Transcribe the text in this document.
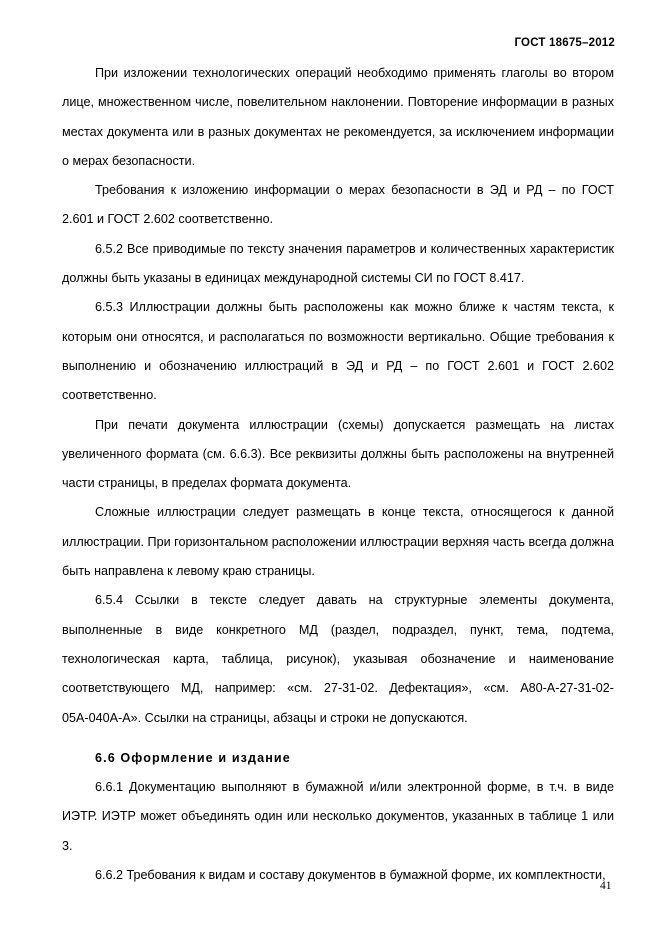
ГОСТ 18675–2012

При изложении технологических операций необходимо применять глаголы во втором лице, множественном числе, повелительном наклонении. Повторение информации в разных местах документа или в разных документах не рекомендуется, за исключением информации о мерах безопасности.

Требования к изложению информации о мерах безопасности в ЭД и РД – по ГОСТ 2.601 и ГОСТ 2.602 соответственно.

6.5.2 Все приводимые по тексту значения параметров и количественных характеристик должны быть указаны в единицах международной системы СИ по ГОСТ 8.417.

6.5.3 Иллюстрации должны быть расположены как можно ближе к частям текста, к которым они относятся, и располагаться по возможности вертикально. Общие требования к выполнению и обозначению иллюстраций в ЭД и РД – по ГОСТ 2.601 и ГОСТ 2.602 соответственно.

При печати документа иллюстрации (схемы) допускается размещать на листах увеличенного формата (см. 6.6.3). Все реквизиты должны быть расположены на внутренней части страницы, в пределах формата документа.

Сложные иллюстрации следует размещать в конце текста, относящегося к данной иллюстрации. При горизонтальном расположении иллюстрации верхняя часть всегда должна быть направлена к левому краю страницы.

6.5.4 Ссылки в тексте следует давать на структурные элементы документа, выполненные в виде конкретного МД (раздел, подраздел, пункт, тема, подтема, технологическая карта, таблица, рисунок), указывая обозначение и наименование соответствующего МД, например: «см. 27-31-02. Дефектация», «см. А80-А-27-31-02-05А-040А-А». Ссылки на страницы, абзацы и строки не допускаются.

6.6 Оформление и издание

6.6.1 Документацию выполняют в бумажной и/или электронной форме, в т.ч. в виде ИЭТР. ИЭТР может объединять один или несколько документов, указанных в таблице 1 или 3.

6.6.2 Требования к видам и составу документов в бумажной форме, их комплектности,

41
